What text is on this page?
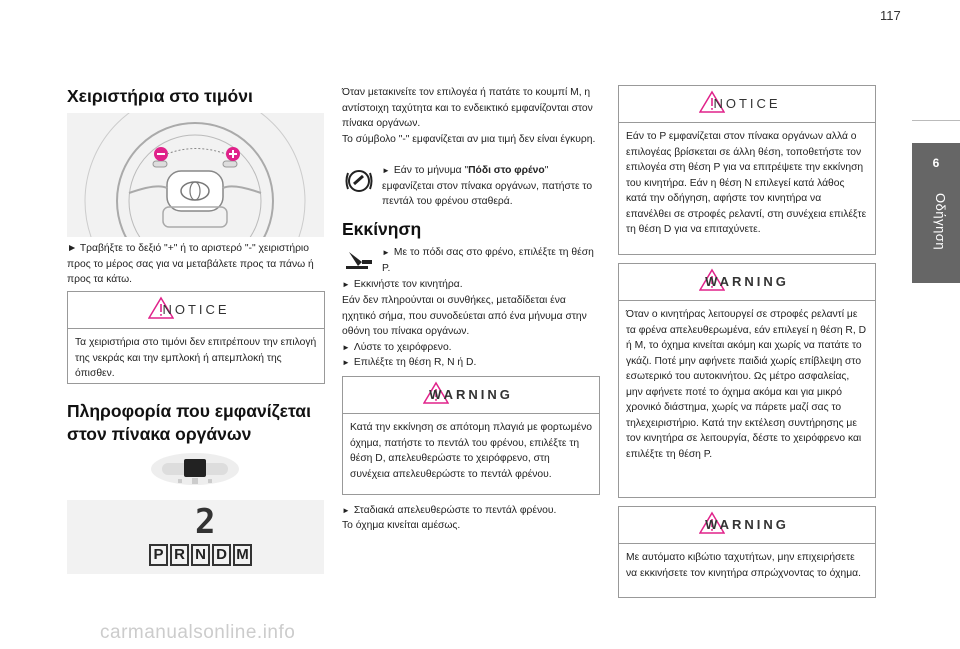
117
6
Οδήγηση
Χειριστήρια στο τιμόνι

► Τραβήξτε το δεξιό "+" ή το αριστερό "-" χειριστήριο προς το μέρος σας για να μεταβάλετε προς τα πάνω ή προς τα κάτω.

NOTICE

Τα χειριστήρια στο τιμόνι δεν επιτρέπουν την επιλογή της νεκράς και την εμπλοκή ή απεμπλοκή της όπισθεν.

Πληροφορία που εμφανίζεται στον πίνακα οργάνων
2
P R N D M

Όταν μετακινείτε τον επιλογέα ή πατάτε το κουμπί M, η αντίστοιχη ταχύτητα και το ενδεικτικό εμφανίζονται στον πίνακα οργάνων.

Το σύμβολο "-" εμφανίζεται αν μια τιμή δεν είναι έγκυρη.

► Εάν το μήνυμα "Πόδι στο φρένο" εμφανίζεται στον πίνακα οργάνων, πατήστε το πεντάλ του φρένου σταθερά.

Εκκίνηση

► Με το πόδι σας στο φρένο, επιλέξτε τη θέση P.

► Εκκινήστε τον κινητήρα.

Εάν δεν πληρούνται οι συνθήκες, μεταδίδεται ένα ηχητικό σήμα, που συνοδεύεται από ένα μήνυμα στην οθόνη του πίνακα οργάνων.

► Λύστε το χειρόφρενο.

► Επιλέξτε τη θέση R, N ή D.

WARNING

Κατά την εκκίνηση σε απότομη πλαγιά με φορτωμένο όχημα, πατήστε το πεντάλ του φρένου, επιλέξτε τη θέση D, απελευθερώστε το χειρόφρενο, στη συνέχεια απελευθερώστε το πεντάλ φρένου.

► Σταδιακά απελευθερώστε το πεντάλ φρένου.

Το όχημα κινείται αμέσως.

NOTICE

Εάν το P εμφανίζεται στον πίνακα οργάνων αλλά ο επιλογέας βρίσκεται σε άλλη θέση, τοποθετήστε τον επιλογέα στη θέση P για να επιτρέψετε την εκκίνηση του κινητήρα. Εάν η θέση N επιλεγεί κατά λάθος κατά την οδήγηση, αφήστε τον κινητήρα να επανέλθει σε στροφές ρελαντί, στη συνέχεια επιλέξτε τη θέση D για να επιταχύνετε.

WARNING

Όταν ο κινητήρας λειτουργεί σε στροφές ρελαντί με τα φρένα απελευθερωμένα, εάν επιλεγεί η θέση R, D ή M, το όχημα κινείται ακόμη και χωρίς να πατάτε το γκάζι. Ποτέ μην αφήνετε παιδιά χωρίς επίβλεψη στο εσωτερικό του αυτοκινήτου. Ως μέτρο ασφαλείας, μην αφήνετε ποτέ το όχημα ακόμα και για μικρό χρονικό διάστημα, χωρίς να πάρετε μαζί σας το τηλεχειριστήριο. Κατά την εκτέλεση συντήρησης με τον κινητήρα σε λειτουργία, δέστε το χειρόφρενο και επιλέξτε τη θέση P.

WARNING

Με αυτόματο κιβώτιο ταχυτήτων, μην επιχειρήσετε να εκκινήσετε τον κινητήρα σπρώχνοντας το όχημα.

carmanualsonline.info
